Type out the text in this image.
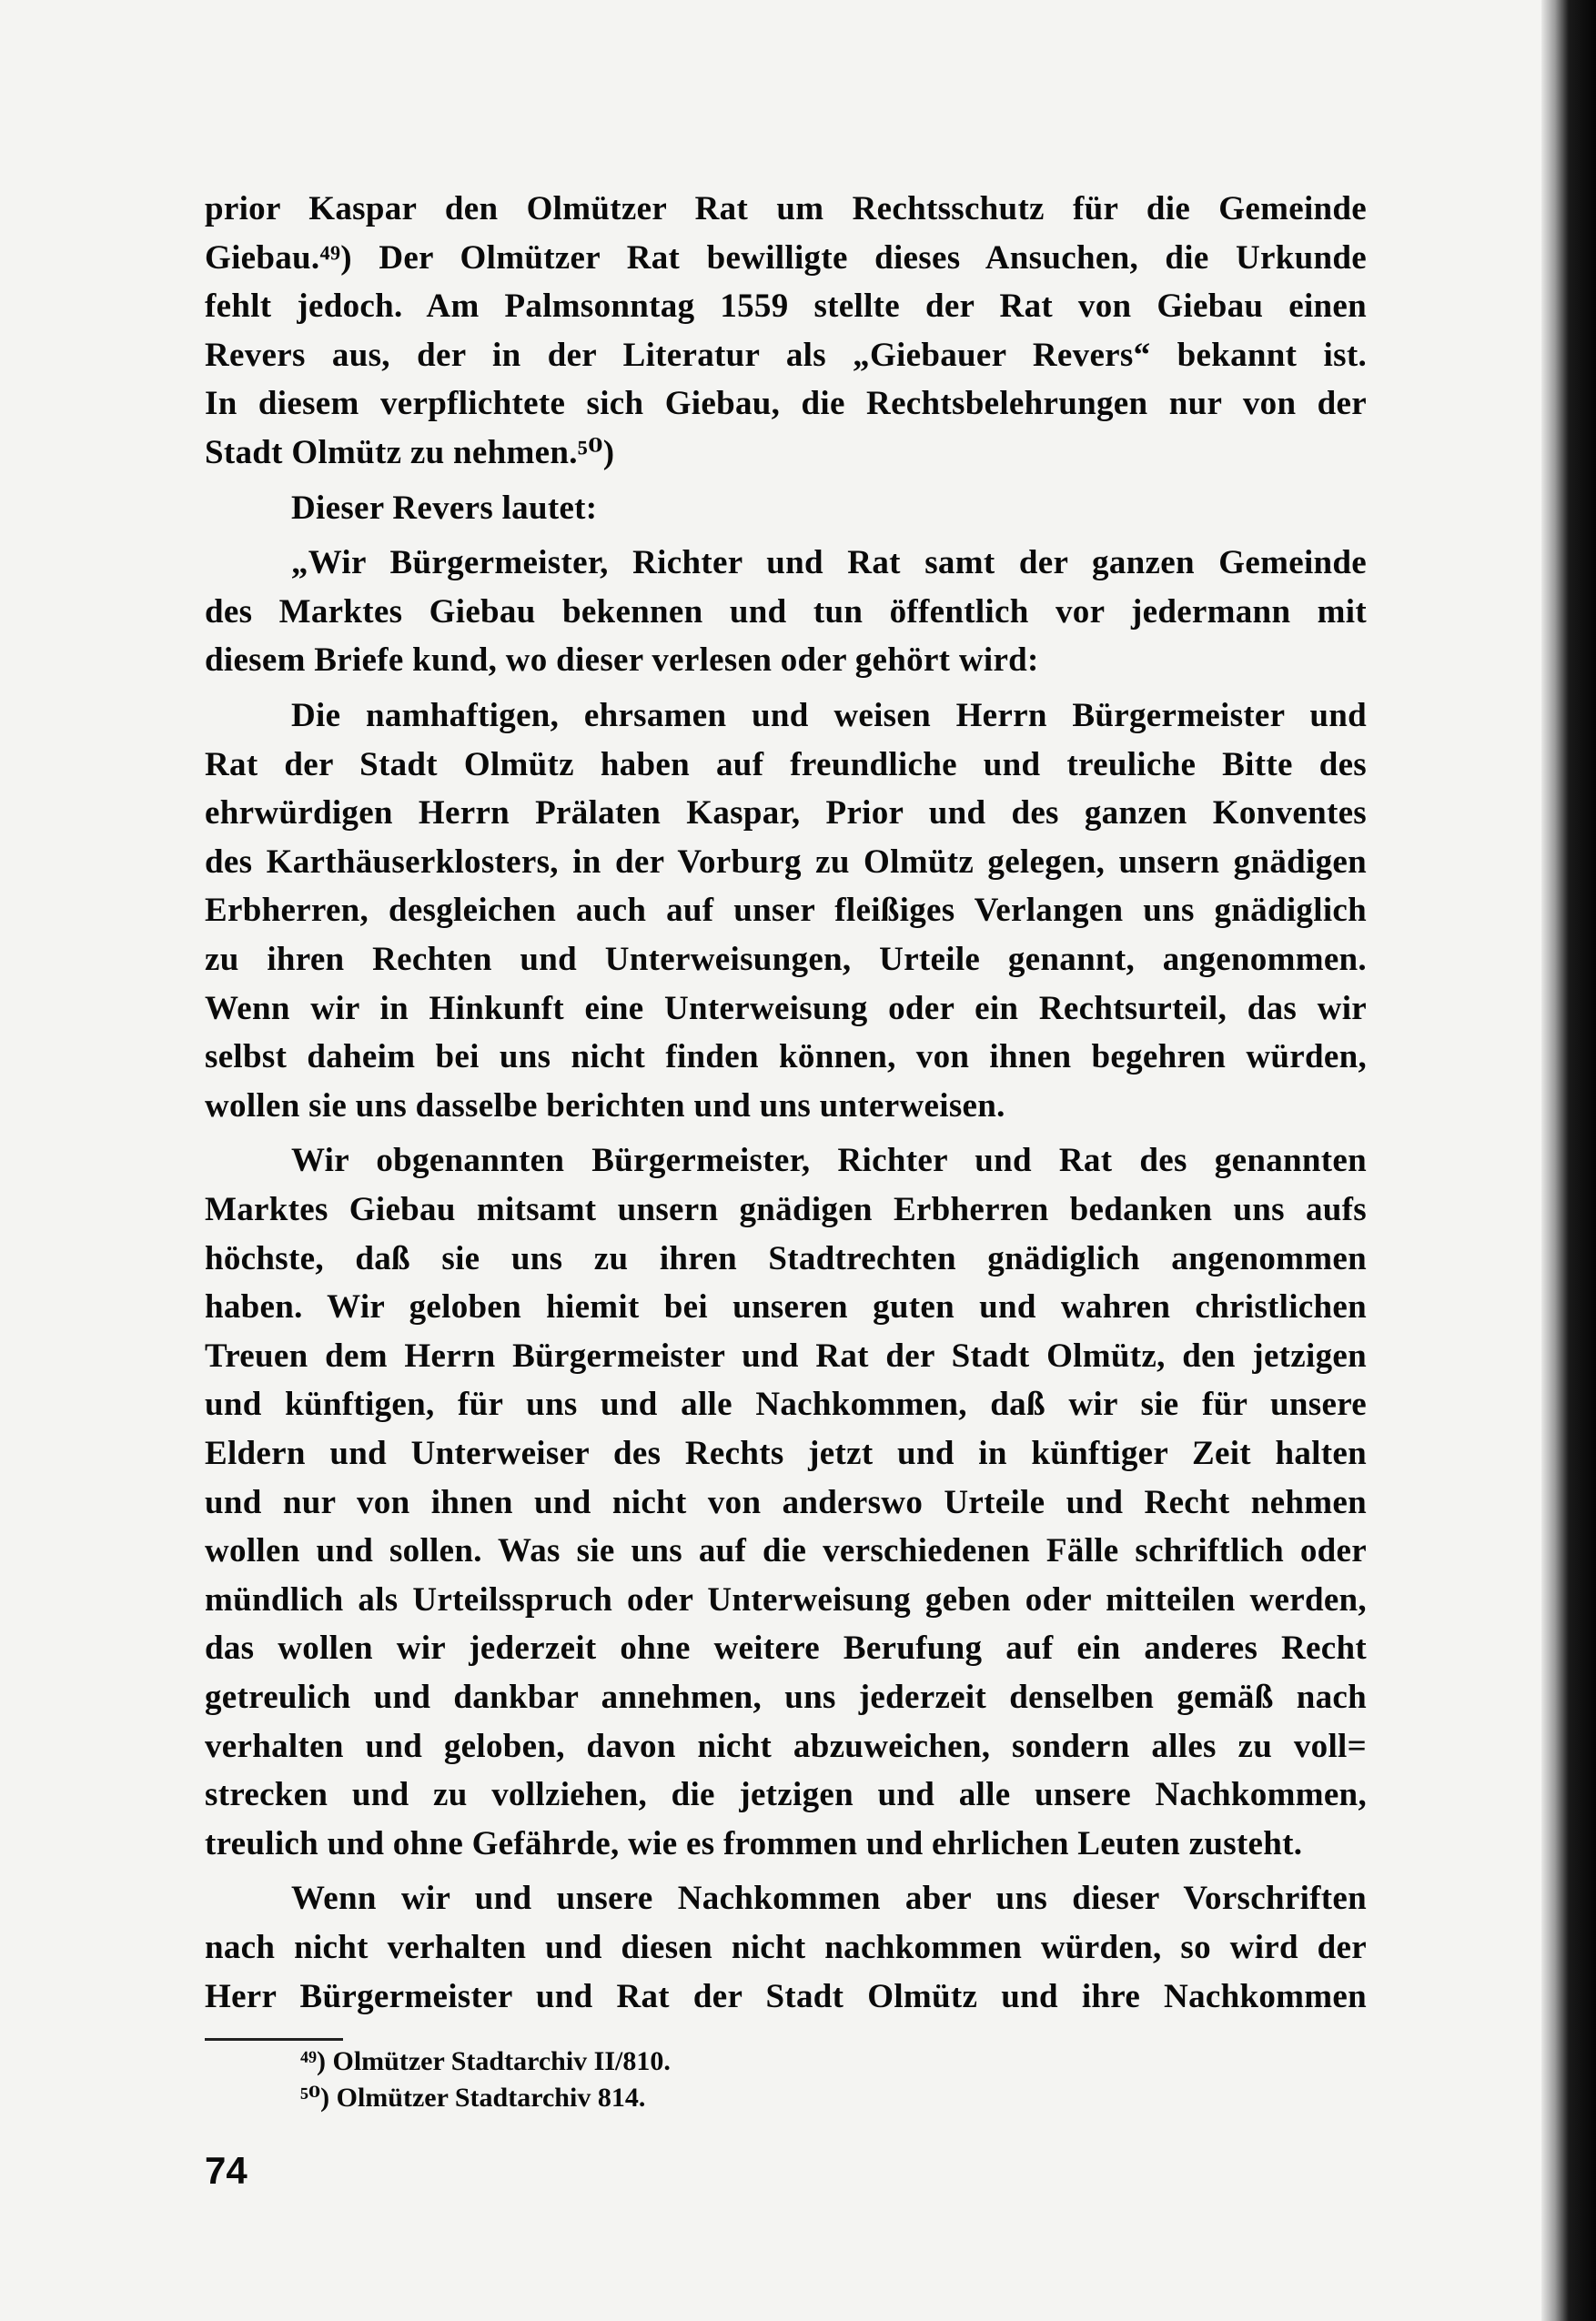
prior Kaspar den Olmützer Rat um Rechtsschutz für die Gemeinde
Giebau.⁴⁹) Der Olmützer Rat bewilligte dieses Ansuchen, die Urkunde
fehlt jedoch. Am Palmsonntag 1559 stellte der Rat von Giebau einen
Revers aus, der in der Literatur als „Giebauer Revers“ bekannt ist.
In diesem verpflichtete sich Giebau, die Rechtsbelehrungen nur von der
Stadt Olmütz zu nehmen.⁵⁰)
Dieser Revers lautet:
„Wir Bürgermeister, Richter und Rat samt der ganzen Gemeinde
des Marktes Giebau bekennen und tun öffentlich vor jedermann mit
diesem Briefe kund, wo dieser verlesen oder gehört wird:
Die namhaftigen, ehrsamen und weisen Herrn Bürgermeister und
Rat der Stadt Olmütz haben auf freundliche und treuliche Bitte des
ehrwürdigen Herrn Prälaten Kaspar, Prior und des ganzen Konventes
des Karthäuserklosters, in der Vorburg zu Olmütz gelegen, unsern gnädigen
Erbherren, desgleichen auch auf unser fleißiges Verlangen uns gnädiglich
zu ihren Rechten und Unterweisungen, Urteile genannt, angenommen.
Wenn wir in Hinkunft eine Unterweisung oder ein Rechtsurteil, das wir
selbst daheim bei uns nicht finden können, von ihnen begehren würden,
wollen sie uns dasselbe berichten und uns unterweisen.
Wir obgenannten Bürgermeister, Richter und Rat des genannten
Marktes Giebau mitsamt unsern gnädigen Erbherren bedanken uns aufs
höchste, daß sie uns zu ihren Stadtrechten gnädiglich angenommen
haben. Wir geloben hiemit bei unseren guten und wahren christlichen
Treuen dem Herrn Bürgermeister und Rat der Stadt Olmütz, den jetzigen
und künftigen, für uns und alle Nachkommen, daß wir sie für unsere
Eldern und Unterweiser des Rechts jetzt und in künftiger Zeit halten
und nur von ihnen und nicht von anderswo Urteile und Recht nehmen
wollen und sollen. Was sie uns auf die verschiedenen Fälle schriftlich oder
mündlich als Urteilsspruch oder Unterweisung geben oder mitteilen werden,
das wollen wir jederzeit ohne weitere Berufung auf ein anderes Recht
getreulich und dankbar annehmen, uns jederzeit denselben gemäß nach
verhalten und geloben, davon nicht abzuweichen, sondern alles zu voll=
strecken und zu vollziehen, die jetzigen und alle unsere Nachkommen,
treulich und ohne Gefährde, wie es frommen und ehrlichen Leuten zusteht.
Wenn wir und unsere Nachkommen aber uns dieser Vorschriften
nach nicht verhalten und diesen nicht nachkommen würden, so wird der
Herr Bürgermeister und Rat der Stadt Olmütz und ihre Nachkommen
⁴⁹) Olmützer Stadtarchiv II/810.
⁵⁰) Olmützer Stadtarchiv 814.
74
